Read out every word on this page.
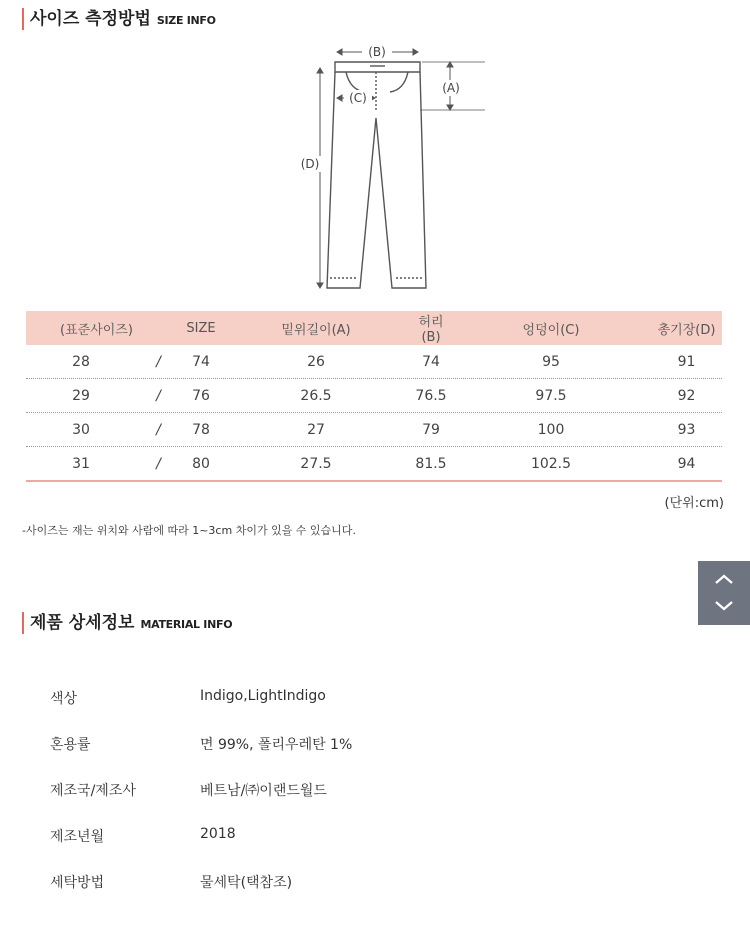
사이즈 측정방법 SIZE INFO
(B)
(A)
(C)
(D)
(표준사이즈)	SIZE	밑위길이(A)	허리(B)	엉덩이(C)	총기장(D)
28	/	74	26	74	95	91
29	/	76	26.5	76.5	97.5	92
30	/	78	27	79	100	93
31	/	80	27.5	81.5	102.5	94
(단위:cm)
-사이즈는 재는 위치와 사람에 따라 1~3cm 차이가 있을 수 있습니다.
제품 상세정보 MATERIAL INFO
색상	Indigo,LightIndigo
혼용률	면 99%, 폴리우레탄 1%
제조국/제조사	베트남/㈜이랜드월드
제조년월	2018
세탁방법	물세탁(택참조)
